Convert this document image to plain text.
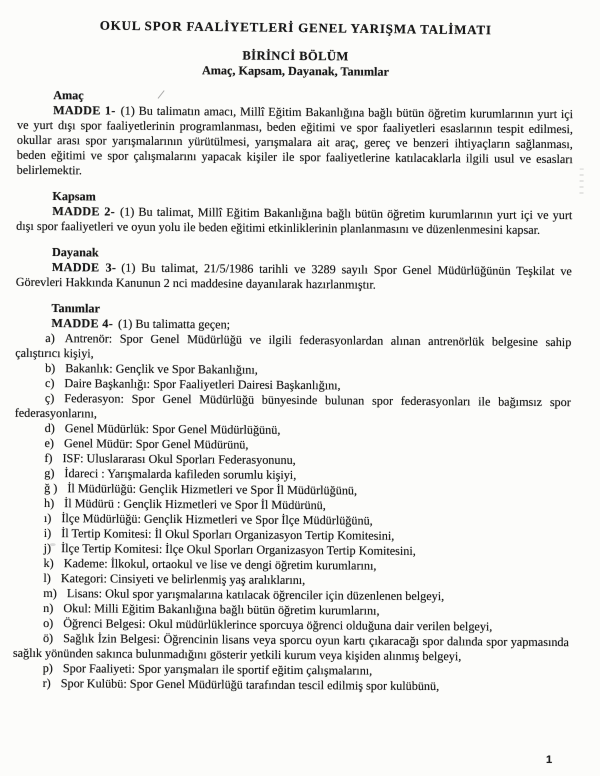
OKUL SPOR FAALİYETLERİ GENEL YARIŞMA TALİMATI
BİRİNCİ BÖLÜM
Amaç, Kapsam, Dayanak, Tanımlar
Amaç

MADDE 1- (1) Bu talimatın amacı, Millî Eğitim Bakanlığına bağlı bütün öğretim kurumlarının yurt içi ve yurt dışı spor faaliyetlerinin programlanması, beden eğitimi ve spor faaliyetleri esaslarının tespit edilmesi, okullar arası spor yarışmalarının yürütülmesi, yarışmalara ait araç, gereç ve benzeri ihtiyaçların sağlanması, beden eğitimi ve spor çalışmalarını yapacak kişiler ile spor faaliyetlerine katılacaklarla ilgili usul ve esasları belirlemektir.

Kapsam

MADDE 2- (1) Bu talimat, Millî Eğitim Bakanlığına bağlı bütün öğretim kurumlarının yurt içi ve yurt dışı spor faaliyetleri ve oyun yolu ile beden eğitimi etkinliklerinin planlanmasını ve düzenlenmesini kapsar.

Dayanak

MADDE 3- (1) Bu talimat, 21/5/1986 tarihli ve 3289 sayılı Spor Genel Müdürlüğünün Teşkilat ve Görevleri Hakkında Kanunun 2 nci maddesine dayanılarak hazırlanmıştır.

Tanımlar

MADDE 4- (1) Bu talimatta geçen;

a) Antrenör: Spor Genel Müdürlüğü ve ilgili federasyonlardan alınan antrenörlük belgesine sahip çalıştırıcı kişiyi,

b) Bakanlık: Gençlik ve Spor Bakanlığını,

c) Daire Başkanlığı: Spor Faaliyetleri Dairesi Başkanlığını,

ç) Federasyon: Spor Genel Müdürlüğü bünyesinde bulunan spor federasyonları ile bağımsız spor federasyonlarını,

d) Genel Müdürlük: Spor Genel Müdürlüğünü,

e) Genel Müdür: Spor Genel Müdürünü,

f) ISF: Uluslararası Okul Sporları Federasyonunu,

g) İdareci : Yarışmalarda kafileden sorumlu kişiyi,

ğ ) İl Müdürlüğü: Gençlik Hizmetleri ve Spor İl Müdürlüğünü,

h) İl Müdürü : Gençlik Hizmetleri ve Spor İl Müdürünü,

ı) İlçe Müdürlüğü: Gençlik Hizmetleri ve Spor İlçe Müdürlüğünü,

i) İl Tertip Komitesi: İl Okul Sporları Organizasyon Tertip Komitesini,

j) İlçe Tertip Komitesi: İlçe Okul Sporları Organizasyon Tertip Komitesini,

k) Kademe: İlkokul, ortaokul ve lise ve dengi öğretim kurumlarını,

l) Kategori: Cinsiyeti ve belirlenmiş yaş aralıklarını,

m) Lisans: Okul spor yarışmalarına katılacak öğrenciler için düzenlenen belgeyi,

n) Okul: Milli Eğitim Bakanlığına bağlı bütün öğretim kurumlarını,

o) Öğrenci Belgesi: Okul müdürlüklerince sporcuya öğrenci olduğuna dair verilen belgeyi,

ö) Sağlık İzin Belgesi: Öğrencinin lisans veya sporcu oyun kartı çıkaracağı spor dalında spor yapmasında sağlık yönünden sakınca bulunmadığını gösterir yetkili kurum veya kişiden alınmış belgeyi,

p) Spor Faaliyeti: Spor yarışmaları ile sportif eğitim çalışmalarını,

r) Spor Kulübü: Spor Genel Müdürlüğü tarafından tescil edilmiş spor kulübünü,

1
